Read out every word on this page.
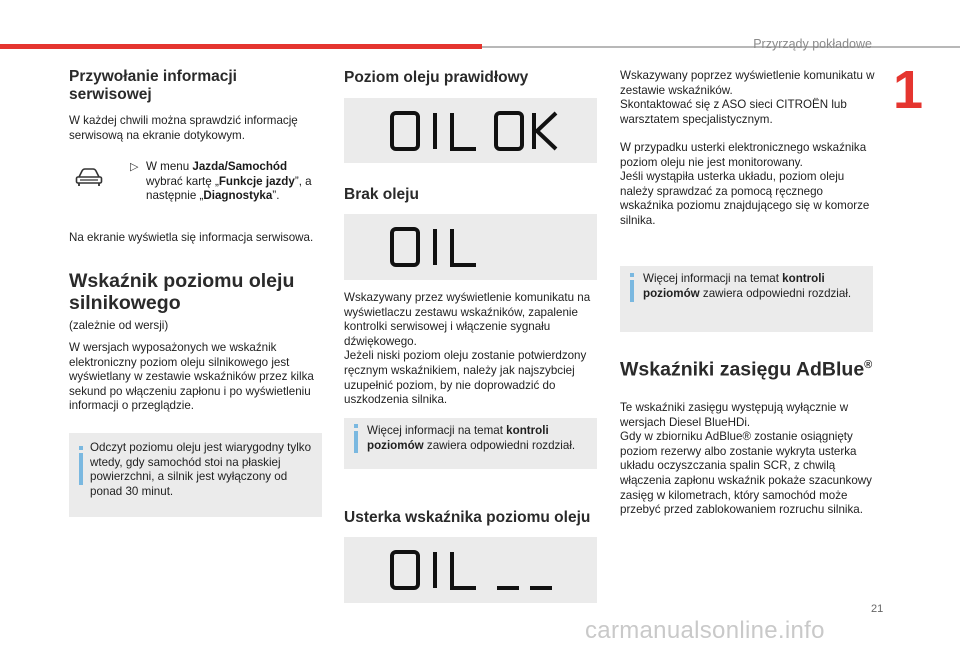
Przyrządy pokładowe
1
Przywołanie informacji serwisowej

W każdej chwili można sprawdzić informację serwisową na ekranie dotykowym.

▷ W menu Jazda/Samochód wybrać kartę „Funkcje jazdy”, a następnie „Diagnostyka”.

Na ekranie wyświetla się informacja serwisowa.

Wskaźnik poziomu oleju silnikowego

(zależnie od wersji)

W wersjach wyposażonych we wskaźnik elektroniczny poziom oleju silnikowego jest wyświetlany w zestawie wskaźników przez kilka sekund po włączeniu zapłonu i po wyświetleniu informacji o przeglądzie.

Odczyt poziomu oleju jest wiarygodny tylko wtedy, gdy samochód stoi na płaskiej powierzchni, a silnik jest wyłączony od ponad 30 minut.

Poziom oleju prawidłowy
Brak oleju

Wskazywany przez wyświetlenie komunikatu na wyświetlaczu zestawu wskaźników, zapalenie kontrolki serwisowej i włączenie sygnału dźwiękowego.
Jeżeli niski poziom oleju zostanie potwierdzony ręcznym wskaźnikiem, należy jak najszybciej uzupełnić poziom, by nie doprowadzić do uszkodzenia silnika.

Więcej informacji na temat kontroli poziomów zawiera odpowiedni rozdział.

Usterka wskaźnika poziomu oleju

Wskazywany poprzez wyświetlenie komunikatu w zestawie wskaźników.
Skontaktować się z ASO sieci CITROËN lub warsztatem specjalistycznym.

W przypadku usterki elektronicznego wskaźnika poziom oleju nie jest monitorowany.
Jeśli wystąpiła usterka układu, poziom oleju należy sprawdzać za pomocą ręcznego wskaźnika poziomu znajdującego się w komorze silnika.

Więcej informacji na temat kontroli poziomów zawiera odpowiedni rozdział.

Wskaźniki zasięgu AdBlue®

Te wskaźniki zasięgu występują wyłącznie w wersjach Diesel BlueHDi.
Gdy w zbiorniku AdBlue® zostanie osiągnięty poziom rezerwy albo zostanie wykryta usterka układu oczyszczania spalin SCR, z chwilą włączenia zapłonu wskaźnik pokaże szacunkowy zasięg w kilometrach, który samochód może przebyć przed zablokowaniem rozruchu silnika.

21
carmanualsonline.info
